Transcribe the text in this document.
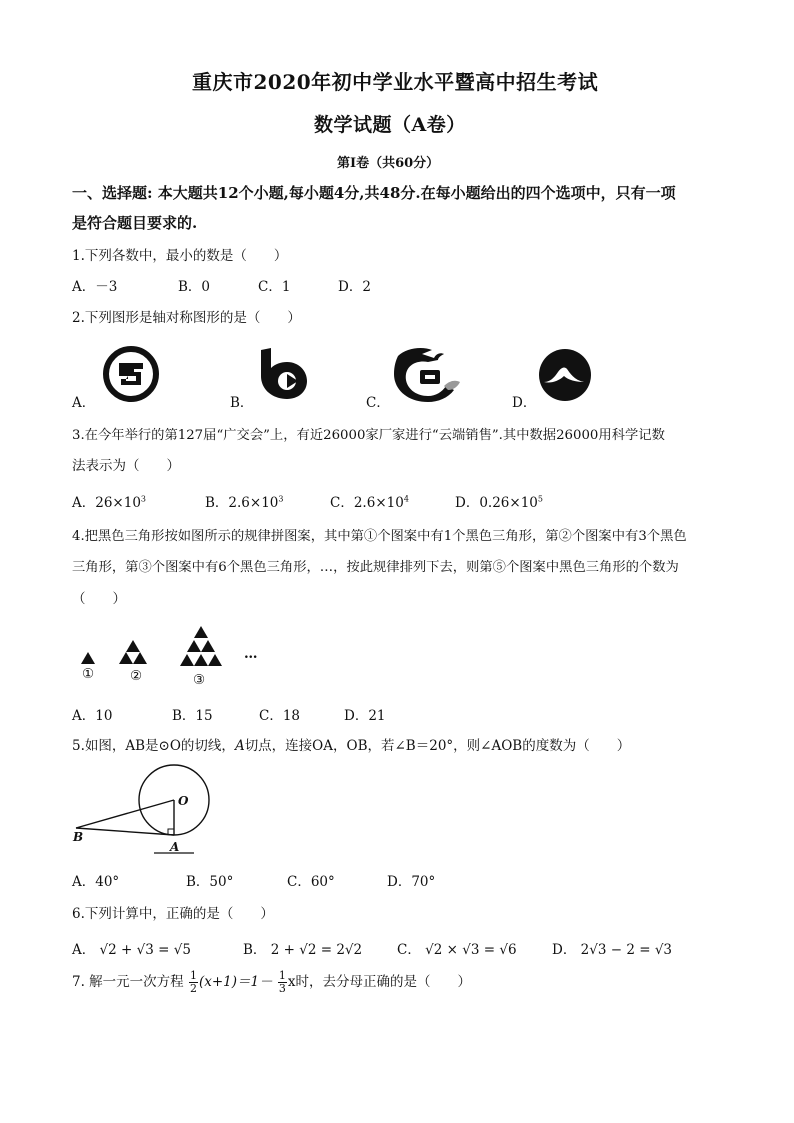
重庆市2020年初中学业水平暨高中招生考试
数学试题（A卷）
第I卷（共60分）
一、选择题: 本大题共12个小题,每小题4分,共48分.在每小题给出的四个选项中，只有一项
是符合题目要求的.
1.下列各数中，最小的数是（　　）
A．－3	B．0	C．1	D．2
2.下列图形是轴对称图形的是（　　）
A．	B．	C．	D．
3.在今年举行的第127届“广交会”上，有近26000家厂家进行“云端销售”.其中数据26000用科学记数
法表示为（　　）
A．$26\times 10^3$	B．$2.6\times 10^3$	C．$2.6\times 10^4$	D．$0.26\times 10^5$
4.把黑色三角形按如图所示的规律拼图案，其中第①个图案中有1个黑色三角形，第②个图案中有3个黑色
三角形，第③个图案中有6个黑色三角形，…，按此规律排列下去，则第⑤个图案中黑色三角形的个数为
（　　）
①	②	③
…
A．10	B．15	C．18	D．21
5.如图，AB是⊙O的切线，A切点，连接OA，OB，若∠B＝20°，则∠AOB的度数为（　　）
O
B
A
A．40°	B．50°	C．60°	D．70°
6.下列计算中，正确的是（　　）
A． √2 + √3 = √5	B． 2 + √2 = 2√2	C． √2 × √3 = √6	D． 2√3 − 2 = √3
7. 解一元一次方程 $\frac{1}{2} (x+1)=1- \frac{1}{3}$ x时，去分母正确的是（　　）
